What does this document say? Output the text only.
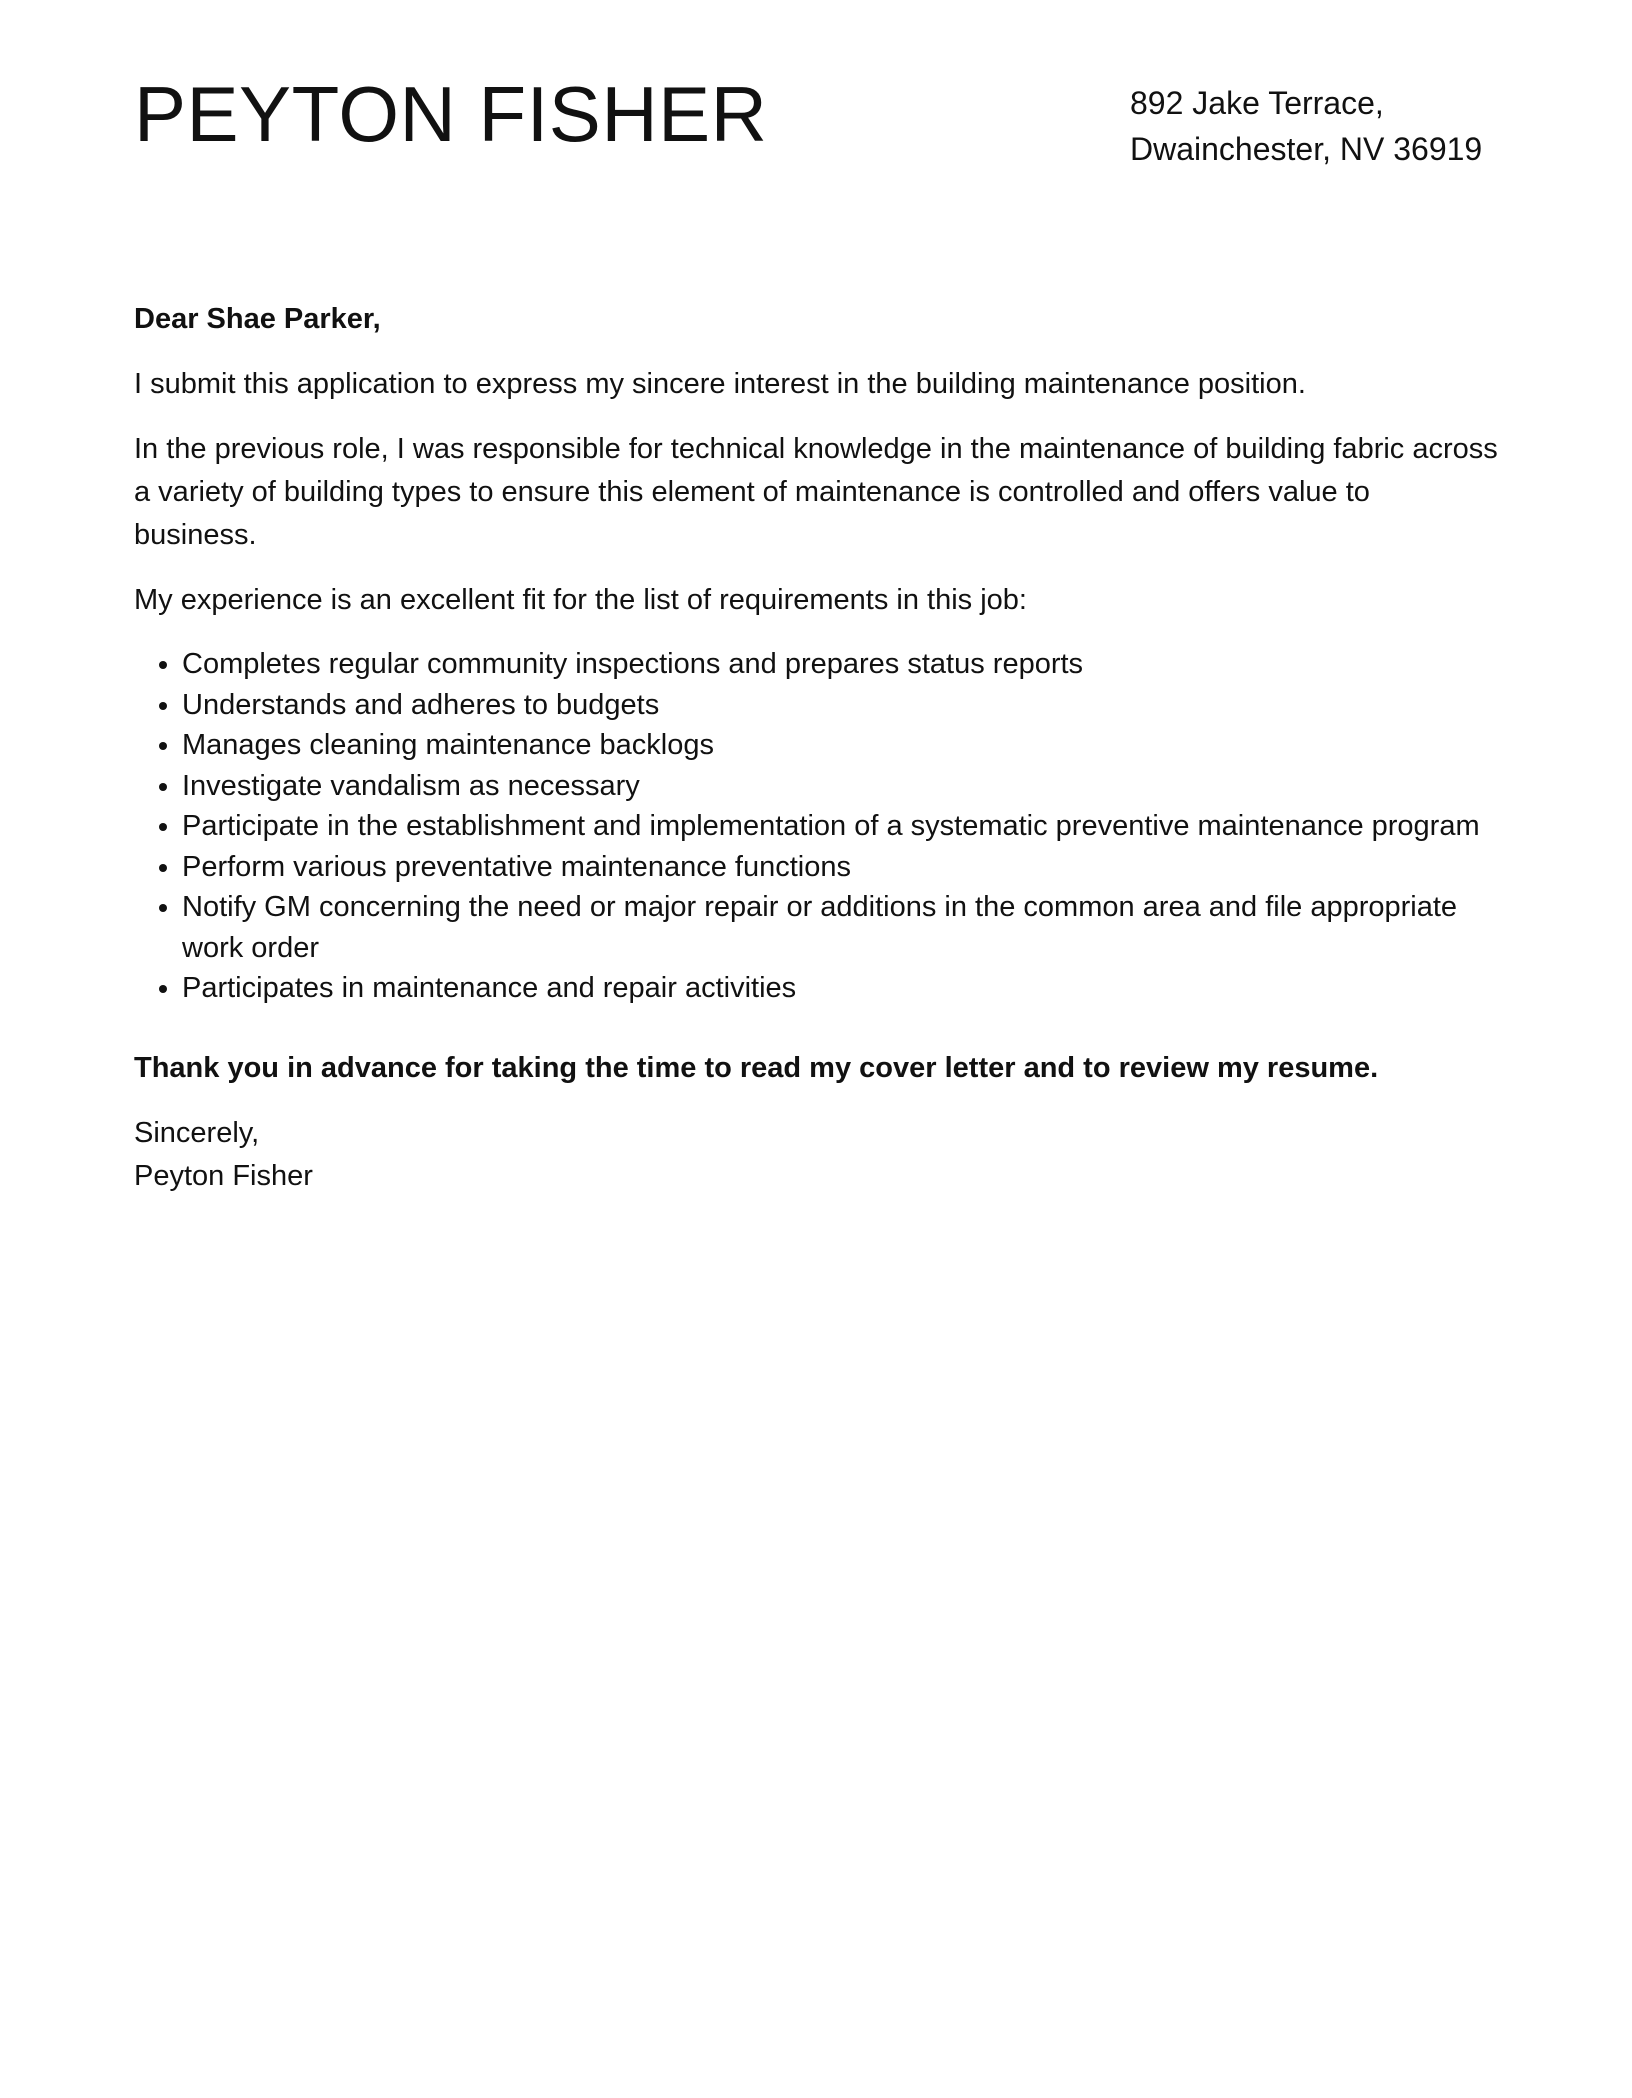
PEYTON FISHER	892 Jake Terrace,
Dwainchester, NV 36919

Dear Shae Parker,

I submit this application to express my sincere interest in the building maintenance position.

In the previous role, I was responsible for technical knowledge in the maintenance of building fabric across a variety of building types to ensure this element of maintenance is controlled and offers value to business.

My experience is an excellent fit for the list of requirements in this job:

• Completes regular community inspections and prepares status reports
• Understands and adheres to budgets
• Manages cleaning maintenance backlogs
• Investigate vandalism as necessary
• Participate in the establishment and implementation of a systematic preventive maintenance program
• Perform various preventative maintenance functions
• Notify GM concerning the need or major repair or additions in the common area and file appropriate work order
• Participates in maintenance and repair activities

Thank you in advance for taking the time to read my cover letter and to review my resume.

Sincerely,
Peyton Fisher
